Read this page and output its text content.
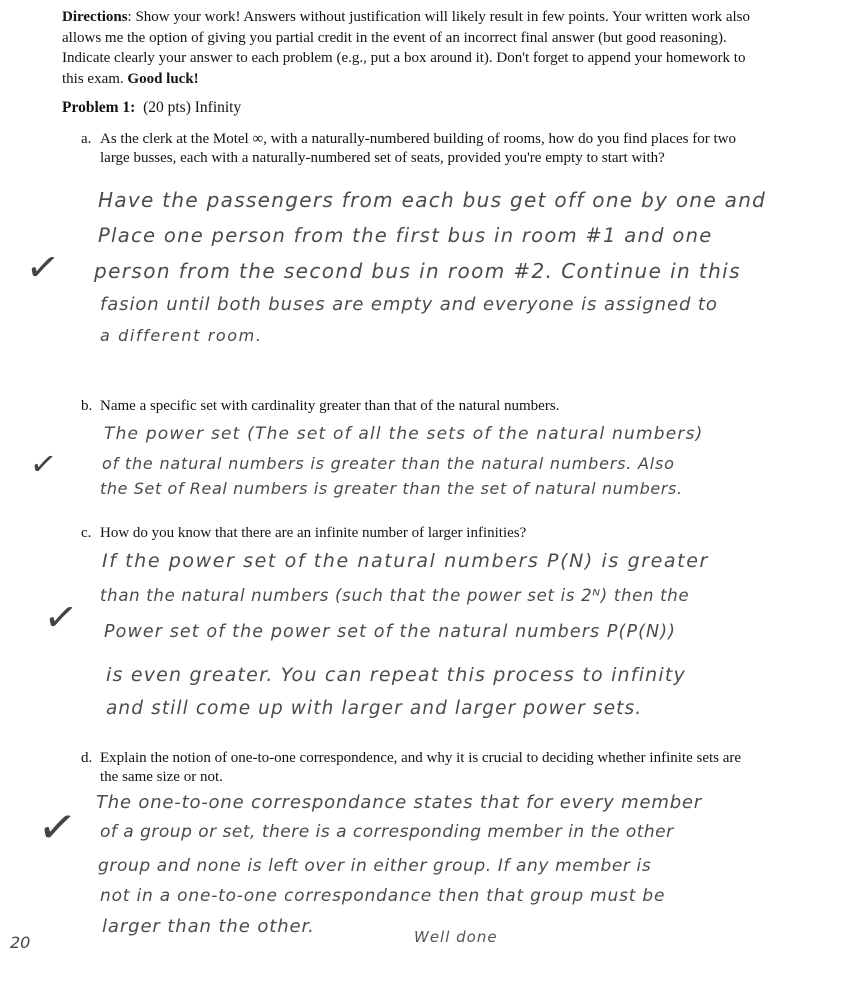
Directions: Show your work! Answers without justification will likely result in few points. Your written work also allows me the option of giving you partial credit in the event of an incorrect final answer (but good reasoning). Indicate clearly your answer to each problem (e.g., put a box around it). Don't forget to append your homework to this exam. Good luck!
Problem 1: (20 pts) Infinity
a. As the clerk at the Motel ∞, with a naturally-numbered building of rooms, how do you find places for two large busses, each with a naturally-numbered set of seats, provided you're empty to start with?
Have the passengers from each bus get off one by one and
Place one person from the first bus in room #1 and one
person from the second bus in room #2. Continue in this
fasion until both buses are empty and everyone is assigned to
a different room.
✓
b. Name a specific set with cardinality greater than that of the natural numbers.
The power set (The set of all the sets of the natural numbers)
of the natural numbers is greater than the natural numbers. Also
the Set of Real numbers is greater than the set of natural numbers.
✓
c. How do you know that there are an infinite number of larger infinities?
If the power set of the natural numbers P(N) is greater
than the natural numbers (such that the power set is 2ᴺ) then the
Power set of the power set of the natural numbers P(P(N))
is even greater. You can repeat this process to infinity
and still come up with larger and larger power sets.
✓
d. Explain the notion of one-to-one correspondence, and why it is crucial to deciding whether infinite sets are the same size or not.
The one-to-one correspondance states that for every member
of a group or set, there is a corresponding member in the other
group and none is left over in either group. If any member is
not in a one-to-one correspondance then that group must be
larger than the other.
✓
Well done
20
